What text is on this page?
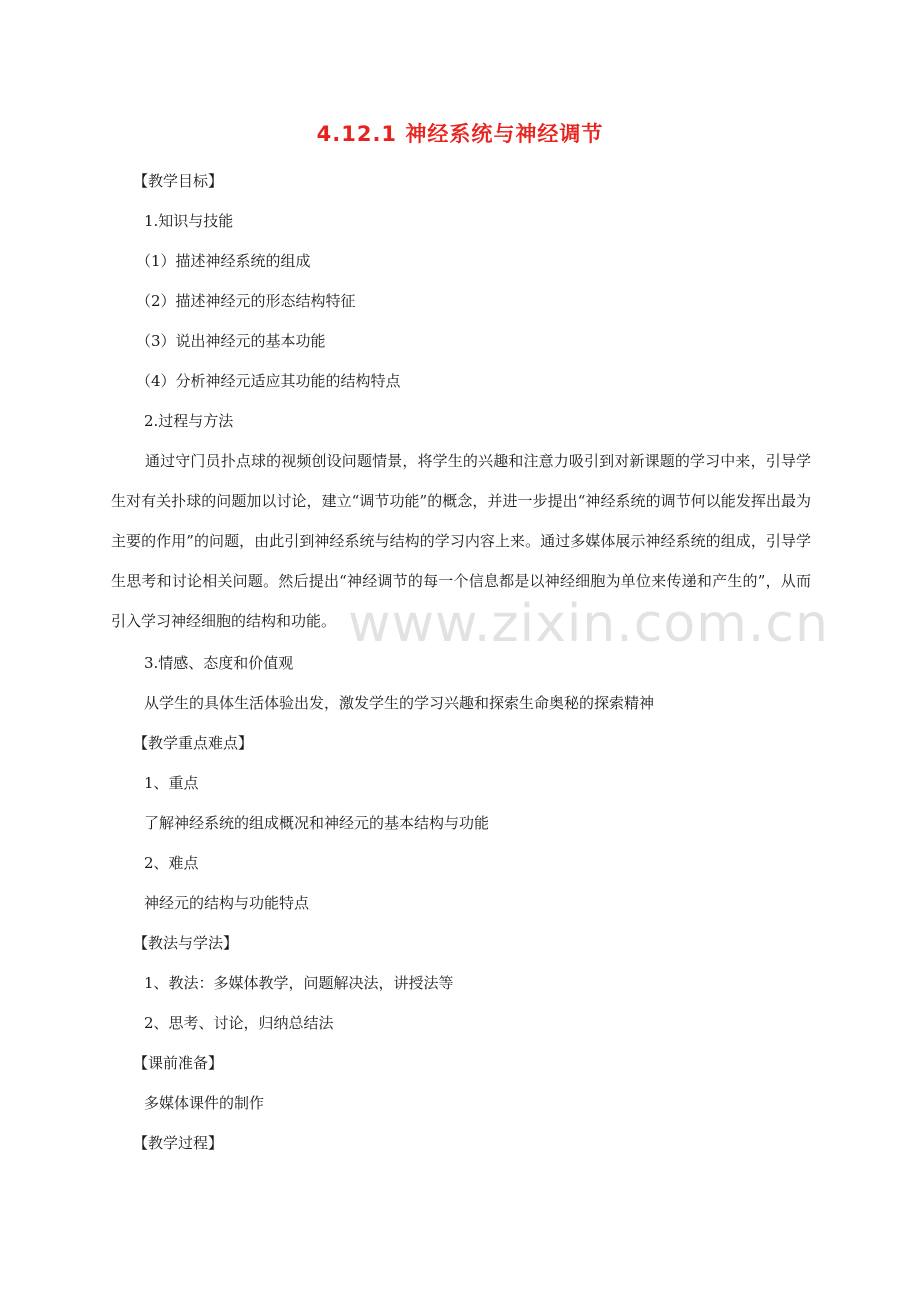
4.12.1 神经系统与神经调节

【教学目标】

1.知识与技能

（1）描述神经系统的组成

（2）描述神经元的形态结构特征

（3）说出神经元的基本功能

（4）分析神经元适应其功能的结构特点

2.过程与方法

通过守门员扑点球的视频创设问题情景，将学生的兴趣和注意力吸引到对新课题的学习中来，引导学生对有关扑球的问题加以讨论，建立“调节功能”的概念，并进一步提出“神经系统的调节何以能发挥出最为主要的作用”的问题，由此引到神经系统与结构的学习内容上来。通过多媒体展示神经系统的组成，引导学生思考和讨论相关问题。然后提出“神经调节的每一个信息都是以神经细胞为单位来传递和产生的”，从而引入学习神经细胞的结构和功能。

3.情感、态度和价值观

从学生的具体生活体验出发，激发学生的学习兴趣和探索生命奥秘的探索精神

【教学重点难点】

1、重点

了解神经系统的组成概况和神经元的基本结构与功能

2、难点

神经元的结构与功能特点

【教法与学法】

1、教法：多媒体教学，问题解决法，讲授法等

2、思考、讨论，归纳总结法

【课前准备】

多媒体课件的制作

【教学过程】

www.zixin.com.cn
